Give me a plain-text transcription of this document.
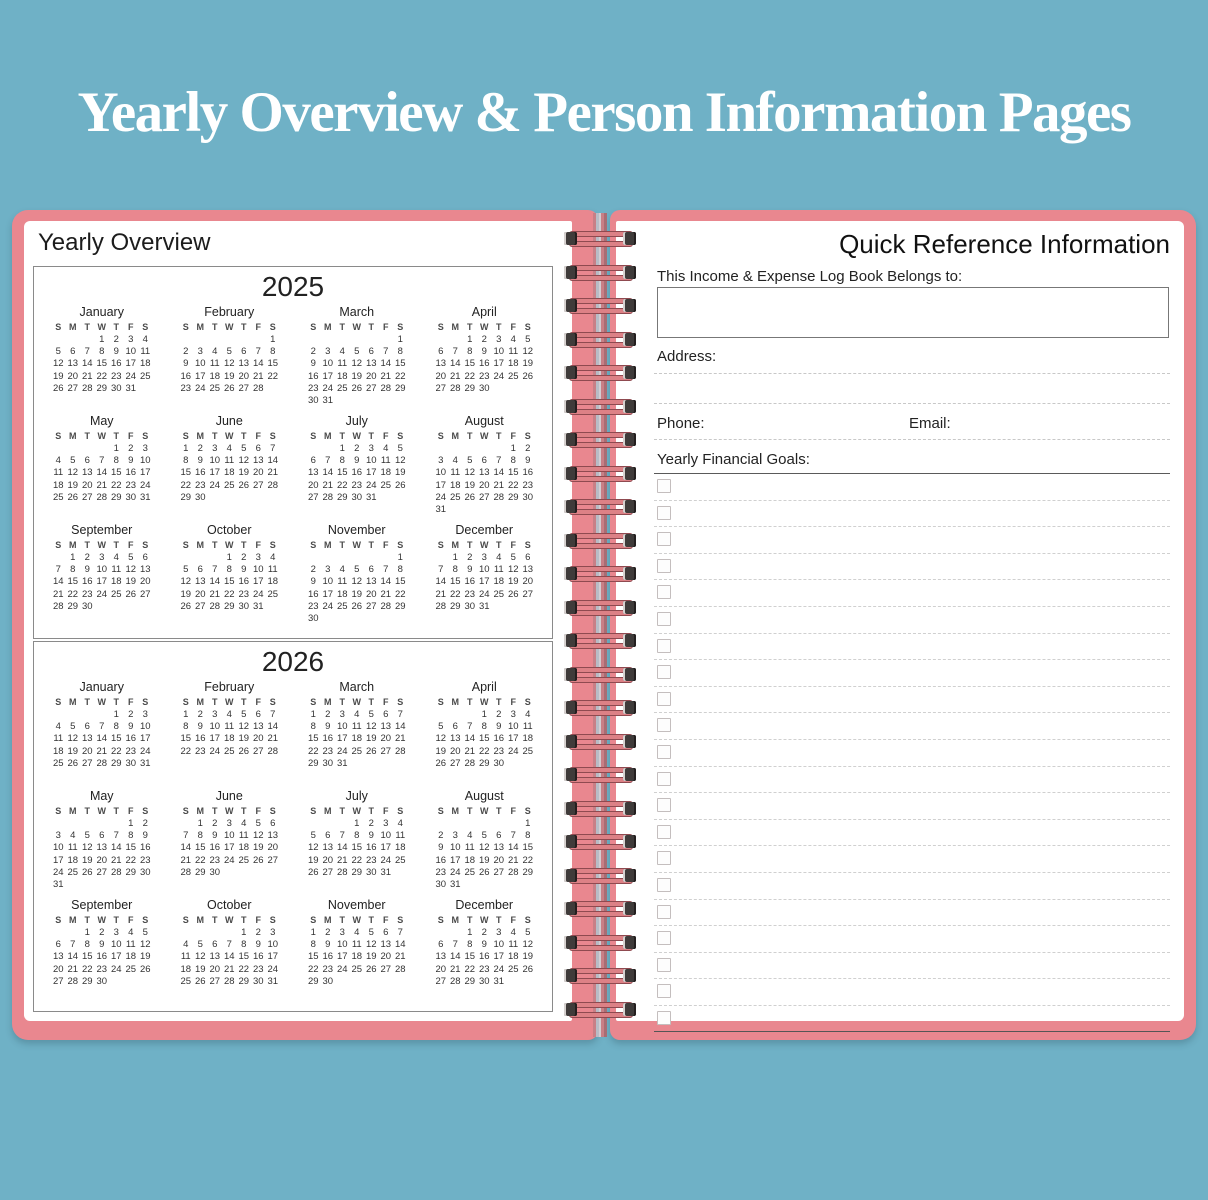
Yearly Overview & Person Information Pages
Yearly Overview
2025
January
S	M	T	W	T	F	S
			1	2	3	4
5	6	7	8	9	10	11
12	13	14	15	16	17	18
19	20	21	22	23	24	25
26	27	28	29	30	31	
February
S	M	T	W	T	F	S
						1
2	3	4	5	6	7	8
9	10	11	12	13	14	15
16	17	18	19	20	21	22
23	24	25	26	27	28	
March
S	M	T	W	T	F	S
						1
2	3	4	5	6	7	8
9	10	11	12	13	14	15
16	17	18	19	20	21	22
23	24	25	26	27	28	29
30	31					
April
S	M	T	W	T	F	S
		1	2	3	4	5
6	7	8	9	10	11	12
13	14	15	16	17	18	19
20	21	22	23	24	25	26
27	28	29	30			
May
S	M	T	W	T	F	S
				1	2	3
4	5	6	7	8	9	10
11	12	13	14	15	16	17
18	19	20	21	22	23	24
25	26	27	28	29	30	31
June
S	M	T	W	T	F	S
1	2	3	4	5	6	7
8	9	10	11	12	13	14
15	16	17	18	19	20	21
22	23	24	25	26	27	28
29	30					
July
S	M	T	W	T	F	S
		1	2	3	4	5
6	7	8	9	10	11	12
13	14	15	16	17	18	19
20	21	22	23	24	25	26
27	28	29	30	31		
August
S	M	T	W	T	F	S
					1	2
3	4	5	6	7	8	9
10	11	12	13	14	15	16
17	18	19	20	21	22	23
24	25	26	27	28	29	30
31						
September
S	M	T	W	T	F	S
	1	2	3	4	5	6
7	8	9	10	11	12	13
14	15	16	17	18	19	20
21	22	23	24	25	26	27
28	29	30				
October
S	M	T	W	T	F	S
			1	2	3	4
5	6	7	8	9	10	11
12	13	14	15	16	17	18
19	20	21	22	23	24	25
26	27	28	29	30	31	
November
S	M	T	W	T	F	S
						1
2	3	4	5	6	7	8
9	10	11	12	13	14	15
16	17	18	19	20	21	22
23	24	25	26	27	28	29
30						
December
S	M	T	W	T	F	S
	1	2	3	4	5	6
7	8	9	10	11	12	13
14	15	16	17	18	19	20
21	22	23	24	25	26	27
28	29	30	31			
2026
January
S	M	T	W	T	F	S
				1	2	3
4	5	6	7	8	9	10
11	12	13	14	15	16	17
18	19	20	21	22	23	24
25	26	27	28	29	30	31
February
S	M	T	W	T	F	S
1	2	3	4	5	6	7
8	9	10	11	12	13	14
15	16	17	18	19	20	21
22	23	24	25	26	27	28
March
S	M	T	W	T	F	S
1	2	3	4	5	6	7
8	9	10	11	12	13	14
15	16	17	18	19	20	21
22	23	24	25	26	27	28
29	30	31				
April
S	M	T	W	T	F	S
			1	2	3	4
5	6	7	8	9	10	11
12	13	14	15	16	17	18
19	20	21	22	23	24	25
26	27	28	29	30		
May
S	M	T	W	T	F	S
					1	2
3	4	5	6	7	8	9
10	11	12	13	14	15	16
17	18	19	20	21	22	23
24	25	26	27	28	29	30
31						
June
S	M	T	W	T	F	S
	1	2	3	4	5	6
7	8	9	10	11	12	13
14	15	16	17	18	19	20
21	22	23	24	25	26	27
28	29	30				
July
S	M	T	W	T	F	S
			1	2	3	4
5	6	7	8	9	10	11
12	13	14	15	16	17	18
19	20	21	22	23	24	25
26	27	28	29	30	31	
August
S	M	T	W	T	F	S
						1
2	3	4	5	6	7	8
9	10	11	12	13	14	15
16	17	18	19	20	21	22
23	24	25	26	27	28	29
30	31					
September
S	M	T	W	T	F	S
		1	2	3	4	5
6	7	8	9	10	11	12
13	14	15	16	17	18	19
20	21	22	23	24	25	26
27	28	29	30			
October
S	M	T	W	T	F	S
				1	2	3
4	5	6	7	8	9	10
11	12	13	14	15	16	17
18	19	20	21	22	23	24
25	26	27	28	29	30	31
November
S	M	T	W	T	F	S
1	2	3	4	5	6	7
8	9	10	11	12	13	14
15	16	17	18	19	20	21
22	23	24	25	26	27	28
29	30					
December
S	M	T	W	T	F	S
		1	2	3	4	5
6	7	8	9	10	11	12
13	14	15	16	17	18	19
20	21	22	23	24	25	26
27	28	29	30	31		
Quick Reference Information
This Income & Expense Log Book Belongs to:
Address:
Phone:	Email:
Yearly Financial Goals:
